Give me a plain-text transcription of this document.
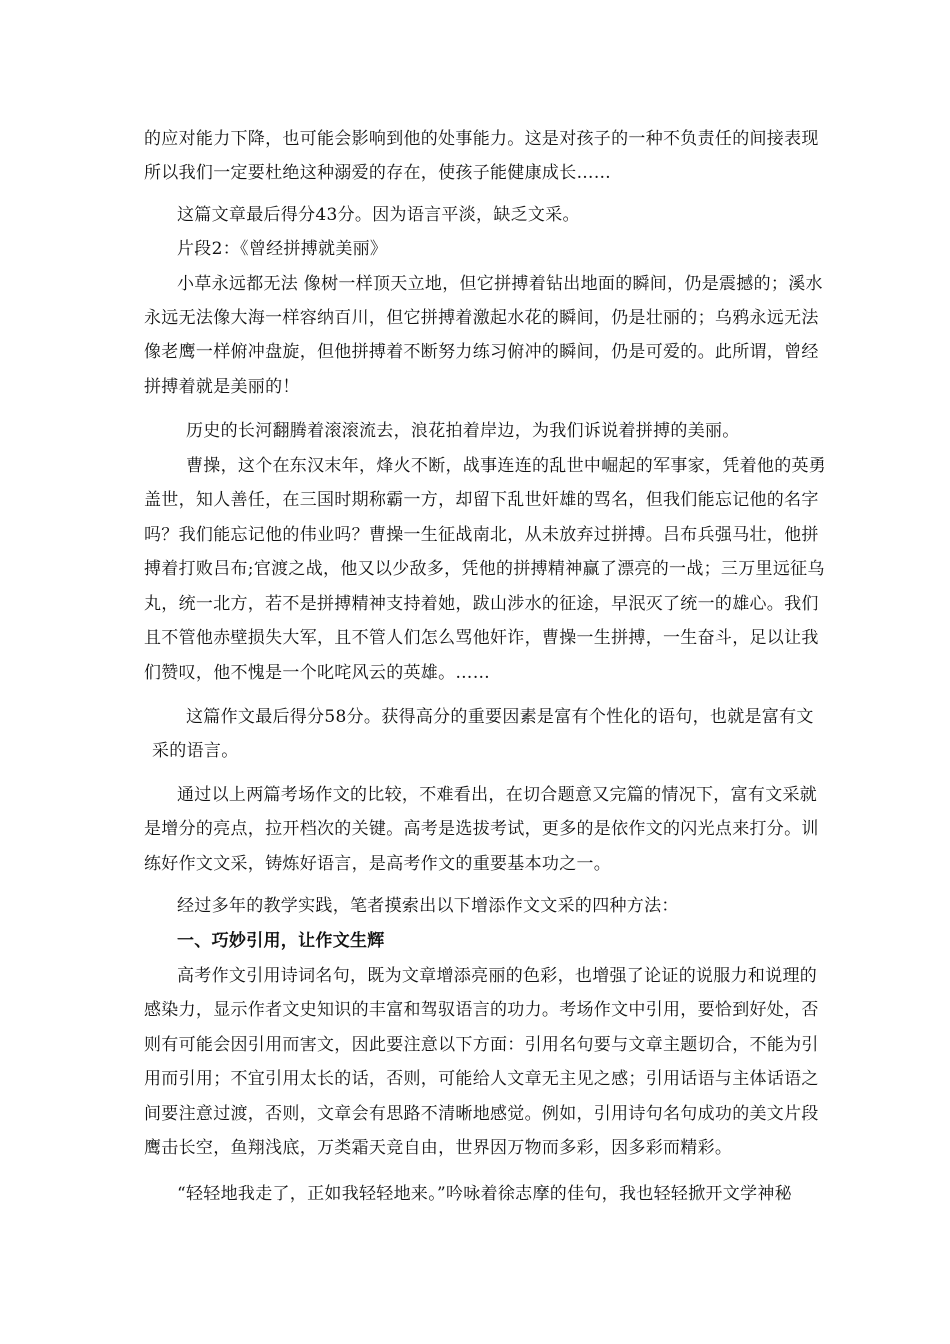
的应对能力下降，也可能会影响到他的处事能力。这是对孩子的一种不负责任的间接表现
所以我们一定要杜绝这种溺爱的存在，使孩子能健康成长……
这篇文章最后得分43分。因为语言平淡，缺乏文采。
片段2：《曾经拼搏就美丽》
小草永远都无法 像树一样顶天立地，但它拼搏着钻出地面的瞬间，仍是震撼的；溪水
永远无法像大海一样容纳百川，但它拼搏着激起水花的瞬间，仍是壮丽的；乌鸦永远无法
像老鹰一样俯冲盘旋，但他拼搏着不断努力练习俯冲的瞬间，仍是可爱的。此所谓，曾经
拼搏着就是美丽的！
历史的长河翻腾着滚滚流去，浪花拍着岸边，为我们诉说着拼搏的美丽。
曹操，这个在东汉末年，烽火不断，战事连连的乱世中崛起的军事家，凭着他的英勇
盖世，知人善任，在三国时期称霸一方，却留下乱世奸雄的骂名，但我们能忘记他的名字
吗？我们能忘记他的伟业吗？曹操一生征战南北，从未放弃过拼搏。吕布兵强马壮，他拼
搏着打败吕布;官渡之战，他又以少敌多，凭他的拼搏精神赢了漂亮的一战；三万里远征乌
丸，统一北方，若不是拼搏精神支持着她，跋山涉水的征途，早泯灭了统一的雄心。我们
且不管他赤壁损失大军，且不管人们怎么骂他奸诈，曹操一生拼搏，一生奋斗，足以让我
们赞叹，他不愧是一个叱咤风云的英雄。……
这篇作文最后得分58分。获得高分的重要因素是富有个性化的语句，也就是富有文
采的语言。
通过以上两篇考场作文的比较，不难看出，在切合题意又完篇的情况下，富有文采就
是增分的亮点，拉开档次的关键。高考是选拔考试，更多的是依作文的闪光点来打分。训
练好作文文采，铸炼好语言，是高考作文的重要基本功之一。
经过多年的教学实践，笔者摸索出以下增添作文文采的四种方法：
一、巧妙引用，让作文生辉
高考作文引用诗词名句，既为文章增添亮丽的色彩，也增强了论证的说服力和说理的
感染力，显示作者文史知识的丰富和驾驭语言的功力。考场作文中引用，要恰到好处，否
则有可能会因引用而害文，因此要注意以下方面：引用名句要与文章主题切合，不能为引
用而引用；不宜引用太长的话，否则，可能给人文章无主见之感；引用话语与主体话语之
间要注意过渡，否则，文章会有思路不清晰地感觉。例如，引用诗句名句成功的美文片段
鹰击长空，鱼翔浅底，万类霜天竞自由，世界因万物而多彩，因多彩而精彩。
“轻轻地我走了，正如我轻轻地来。”吟咏着徐志摩的佳句，我也轻轻掀开文学神秘
